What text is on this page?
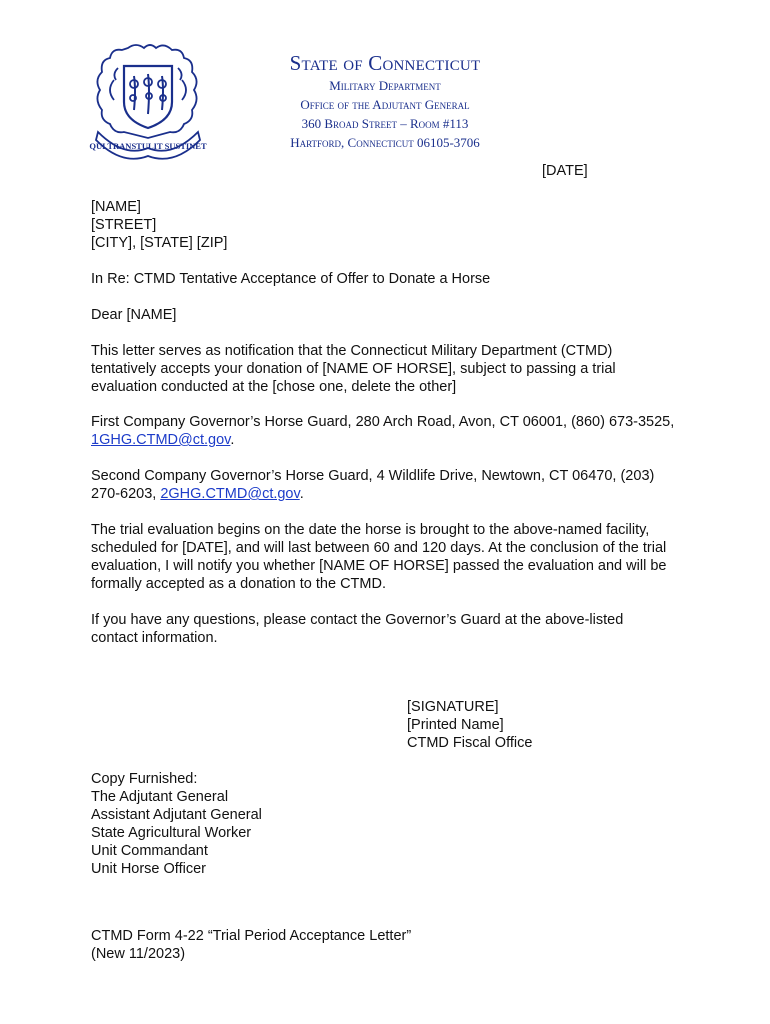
QUI TRANSTULIT SUSTINET
State of Connecticut
Military Department
Office of the Adjutant General
360 Broad Street – Room #113
Hartford, Connecticut 06105-3706
[DATE]
[NAME]
[STREET]
[CITY], [STATE] [ZIP]

In Re: CTMD Tentative Acceptance of Offer to Donate a Horse

Dear [NAME]

This letter serves as notification that the Connecticut Military Department (CTMD) tentatively accepts your donation of [NAME OF HORSE], subject to passing a trial evaluation conducted at the [chose one, delete the other]

First Company Governor’s Horse Guard, 280 Arch Road, Avon, CT 06001, (860) 673-3525, 1GHG.CTMD@ct.gov.

Second Company Governor’s Horse Guard, 4 Wildlife Drive, Newtown, CT 06470, (203) 270-6203, 2GHG.CTMD@ct.gov.

The trial evaluation begins on the date the horse is brought to the above-named facility, scheduled for [DATE], and will last between 60 and 120 days. At the conclusion of the trial evaluation, I will notify you whether [NAME OF HORSE] passed the evaluation and will be formally accepted as a donation to the CTMD.

If you have any questions, please contact the Governor’s Guard at the above-listed contact information.

[SIGNATURE]
[Printed Name]
CTMD Fiscal Office
Copy Furnished:
The Adjutant General
Assistant Adjutant General
State Agricultural Worker
Unit Commandant
Unit Horse Officer
CTMD Form 4-22 “Trial Period Acceptance Letter”
(New 11/2023)
